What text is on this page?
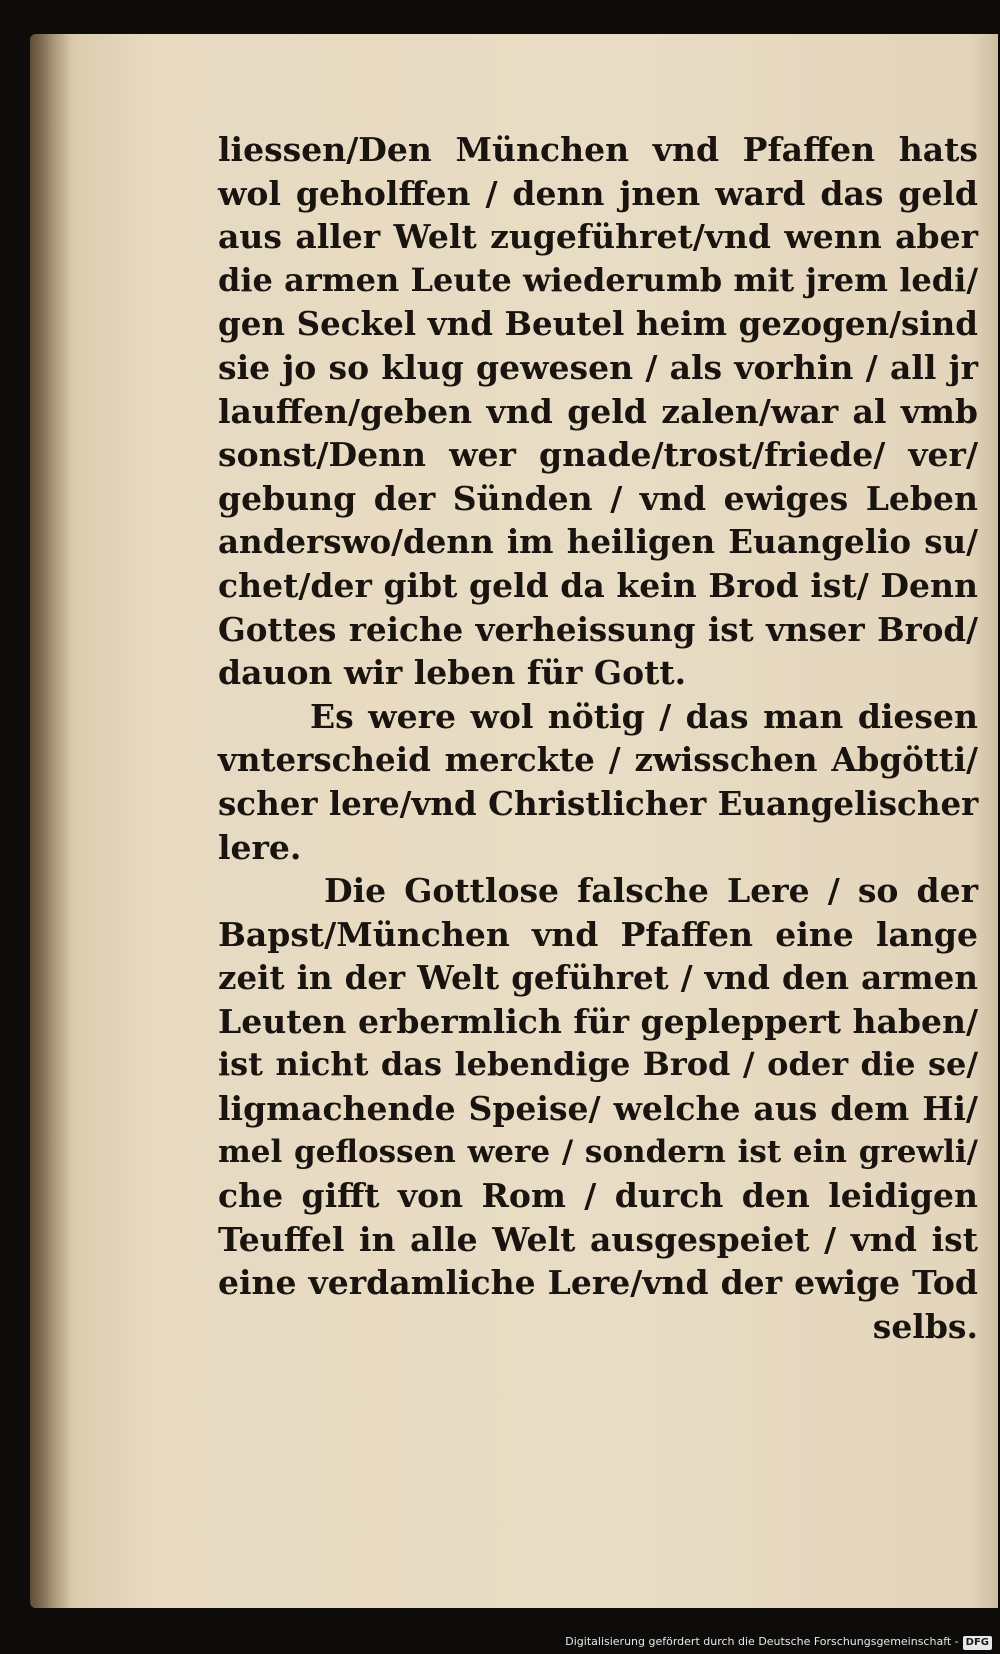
liessen/Den München vnd Pfaffen hats
wol geholffen / denn jnen ward das geld
aus aller Welt zugeführet/vnd wenn aber
die armen Leute wiederumb mit jrem ledi/
gen Seckel vnd Beutel heim gezogen/sind
sie jo so klug gewesen / als vorhin / all jr
lauffen/geben vnd geld zalen/war al vmb
sonst/Denn wer gnade/trost/friede/ ver/
gebung der Sünden / vnd ewiges Leben
anderswo/denn im heiligen Euangelio su/
chet/der gibt geld da kein Brod ist/ Denn
Gottes reiche verheissung ist vnser Brod/
dauon wir leben für Gott.
Es were wol nötig / das man diesen
vnterscheid merckte / zwisschen Abgötti/
scher lere/vnd Christlicher Euangelischer
lere.
Die Gottlose falsche Lere / so der
Bapst/München vnd Pfaffen eine lange
zeit in der Welt geführet / vnd den armen
Leuten erbermlich für gepleppert haben/
ist nicht das lebendige Brod / oder die se/
ligmachende Speise/ welche aus dem Hi/
mel geflossen were / sondern ist ein grewli/
che gifft von Rom / durch den leidigen
Teuffel in alle Welt ausgespeiet / vnd ist
eine verdamliche Lere/vnd der ewige Tod
selbs.
Digitalisierung gefördert durch die Deutsche Forschungsgemeinschaft - DFG
